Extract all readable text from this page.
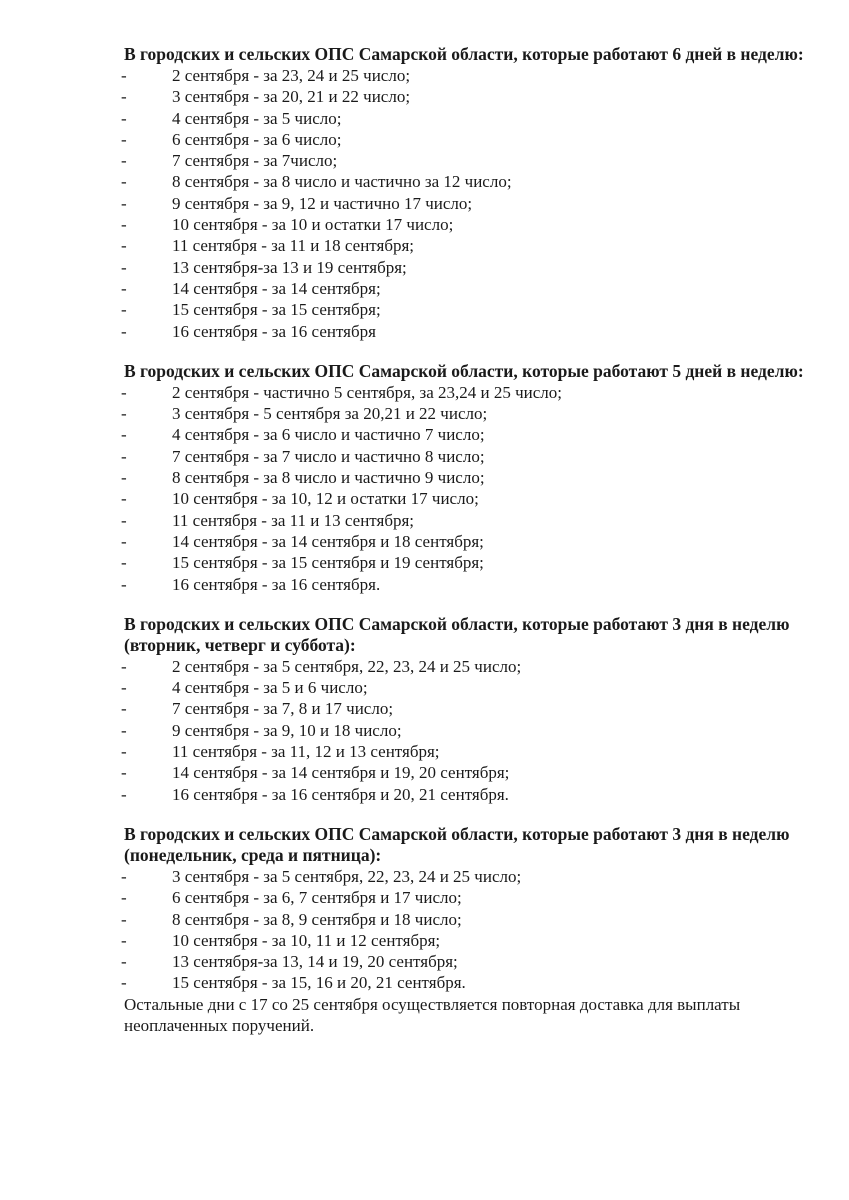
В городских и сельских ОПС Самарской области, которые работают 6 дней в неделю:

-	2 сентября - за 23, 24 и 25 число;
-	3 сентября - за 20, 21 и 22 число;
-	4 сентября - за 5 число;
-	6 сентября - за 6 число;
-	7 сентября - за 7число;
-	8 сентября - за 8 число и частично за 12 число;
-	9 сентября - за 9, 12 и частично 17 число;
-	10 сентября - за 10 и остатки 17 число;
-	11 сентября - за 11 и 18 сентября;
-	13 сентября-за 13 и 19 сентября;
-	14 сентября - за 14 сентября;
-	15 сентября - за 15 сентября;
-	16 сентября - за 16 сентября

В городских и сельских ОПС Самарской области, которые работают 5 дней в неделю:

-	2 сентября - частично 5 сентября, за 23,24 и 25 число;
-	3 сентября - 5 сентября за 20,21 и 22 число;
-	4 сентября - за 6 число и частично 7 число;
-	7 сентября - за 7 число и частично 8 число;
-	8 сентября - за 8 число и частично 9 число;
-	10 сентября - за 10, 12 и остатки 17 число;
-	11 сентября - за 11 и 13 сентября;
-	14 сентября - за 14 сентября и 18 сентября;
-	15 сентября - за 15 сентября и 19 сентября;
-	16 сентября - за 16 сентября.

В городских и сельских ОПС Самарской области, которые работают 3 дня в неделю (вторник, четверг и суббота):

-	2 сентября - за 5 сентября, 22, 23, 24 и 25 число;
-	4 сентября - за 5 и 6 число;
-	7 сентября - за 7, 8 и 17 число;
-	9 сентября - за 9, 10 и 18 число;
-	11 сентября - за 11, 12 и 13 сентября;
-	14 сентября - за 14 сентября и 19, 20 сентября;
-	16 сентября - за 16 сентября и 20, 21 сентября.

В городских и сельских ОПС Самарской области, которые работают 3 дня в неделю (понедельник, среда и пятница):

-	3 сентября - за 5 сентября, 22, 23, 24 и 25 число;
-	6 сентября - за 6, 7 сентября и 17 число;
-	8 сентября - за 8, 9 сентября и 18 число;
-	10 сентября - за 10, 11 и 12 сентября;
-	13 сентября-за 13, 14 и 19, 20 сентября;
-	15 сентября - за 15, 16 и 20, 21 сентября.

Остальные дни с 17 со 25 сентября осуществляется повторная доставка для выплаты неоплаченных поручений.
